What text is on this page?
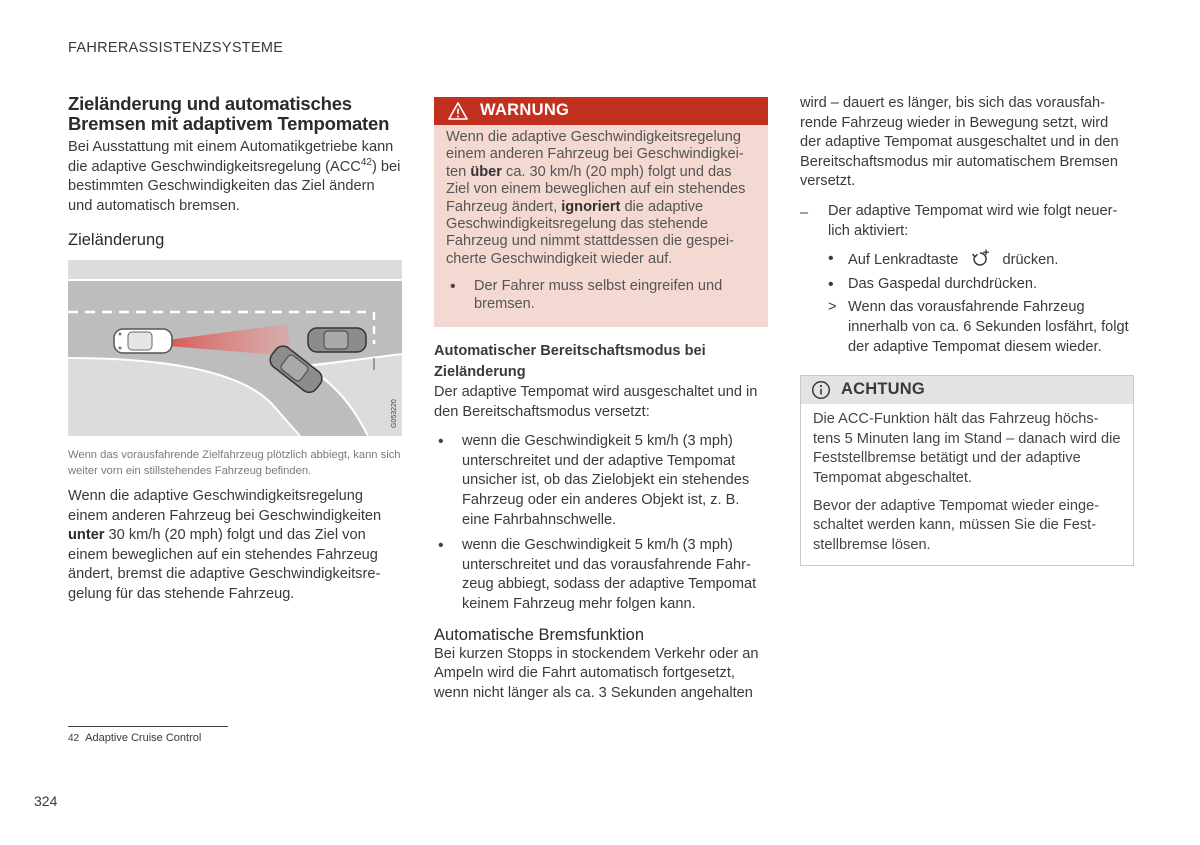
FAHRERASSISTENZSYSTEME
Zieländerung und automatisches Bremsen mit adaptivem Tempomaten

Bei Ausstattung mit einem Automatikgetriebe kann die adaptive Geschwindigkeitsregelung (ACC$^{42}$) bei bestimmten Geschwindigkeiten das Ziel ändern und automatisch bremsen.

Zieländerung
G053220
Wenn das vorausfahrende Zielfahrzeug plötzlich abbiegt, kann sich weiter vorn ein stillstehendes Fahrzeug befinden.

Wenn die adaptive Geschwindigkeitsregelung einem anderen Fahrzeug bei Geschwindigkeiten unter 30 km/h (20 mph) folgt und das Ziel von einem beweglichen auf ein stehendes Fahrzeug ändert, bremst die adaptive Geschwindigkeitsregelung für das stehende Fahrzeug.

WARNUNG

Wenn die adaptive Geschwindigkeitsregelung einem anderen Fahrzeug bei Geschwindigkeiten über ca. 30 km/h (20 mph) folgt und das Ziel von einem beweglichen auf ein stehendes Fahrzeug ändert, ignoriert die adaptive Geschwindigkeitsregelung das stehende Fahrzeug und nimmt stattdessen die gespeicherte Geschwindigkeit wieder auf.

• Der Fahrer muss selbst eingreifen und bremsen.
Automatischer Bereitschaftsmodus bei Zieländerung

Der adaptive Tempomat wird ausgeschaltet und in den Bereitschaftsmodus versetzt:

• wenn die Geschwindigkeit 5 km/h (3 mph) unterschreitet und der adaptive Tempomat unsicher ist, ob das Zielobjekt ein stehendes Fahrzeug oder ein anderes Objekt ist, z. B. eine Fahrbahnschwelle.
• wenn die Geschwindigkeit 5 km/h (3 mph) unterschreitet und das vorausfahrende Fahrzeug abbiegt, sodass der adaptive Tempomat keinem Fahrzeug mehr folgen kann.
Automatische Bremsfunktion

Bei kurzen Stopps in stockendem Verkehr oder an Ampeln wird die Fahrt automatisch fortgesetzt, wenn nicht länger als ca. 3 Sekunden angehalten

wird – dauert es länger, bis sich das vorausfahrende Fahrzeug wieder in Bewegung setzt, wird der adaptive Tempomat ausgeschaltet und in den Bereitschaftsmodus mir automatischem Bremsen versetzt.

– Der adaptive Tempomat wird wie folgt neuerlich aktiviert:
• Auf Lenkradtaste	drücken.
• Das Gaspedal durchdrücken.
> Wenn das vorausfahrende Fahrzeug innerhalb von ca. 6 Sekunden losfährt, folgt der adaptive Tempomat diesem wieder.
ACHTUNG

Die ACC-Funktion hält das Fahrzeug höchstens 5 Minuten lang im Stand – danach wird die Feststellbremse betätigt und der adaptive Tempomat abgeschaltet.

Bevor der adaptive Tempomat wieder eingeschaltet werden kann, müssen Sie die Feststellbremse lösen.

42 Adaptive Cruise Control
324
